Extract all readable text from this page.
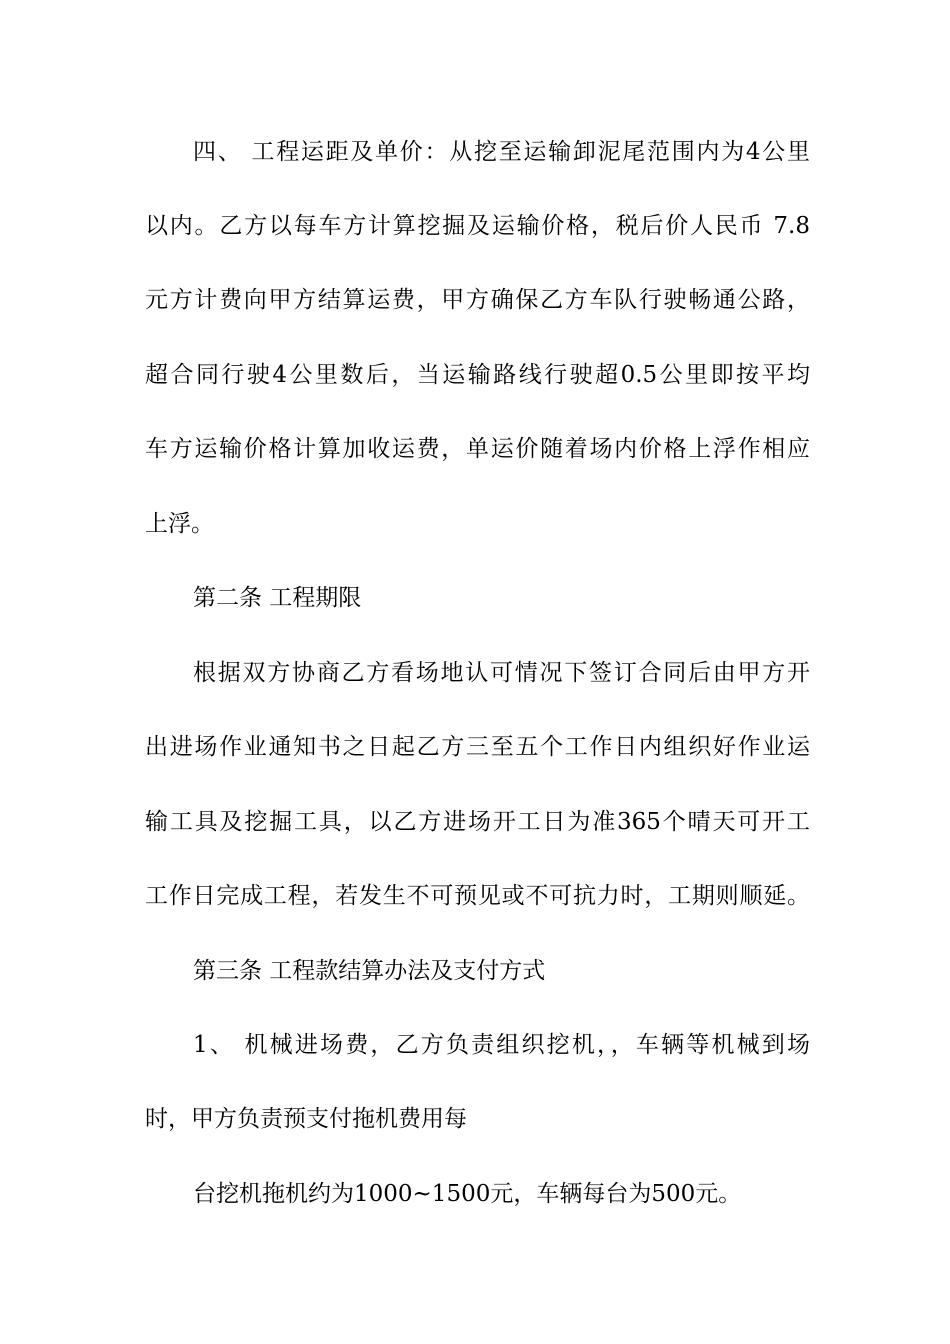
四、 工程运距及单价：从挖至运输卸泥尾范围内为4公里
以内。乙方以每车方计算挖掘及运输价格，税后价人民币 7.8
元方计费向甲方结算运费，甲方确保乙方车队行驶畅通公路，
超合同行驶4公里数后，当运输路线行驶超0.5公里即按平均
车方运输价格计算加收运费，单运价随着场内价格上浮作相应
上浮。
第二条 工程期限
根据双方协商乙方看场地认可情况下签订合同后由甲方开
出进场作业通知书之日起乙方三至五个工作日内组织好作业运
输工具及挖掘工具，以乙方进场开工日为准365个晴天可开工
工作日完成工程，若发生不可预见或不可抗力时，工期则顺延。
第三条 工程款结算办法及支付方式
1、 机械进场费，乙方负责组织挖机，，车辆等机械到场
时，甲方负责预支付拖机费用每
台挖机拖机约为1000~1500元，车辆每台为500元。
